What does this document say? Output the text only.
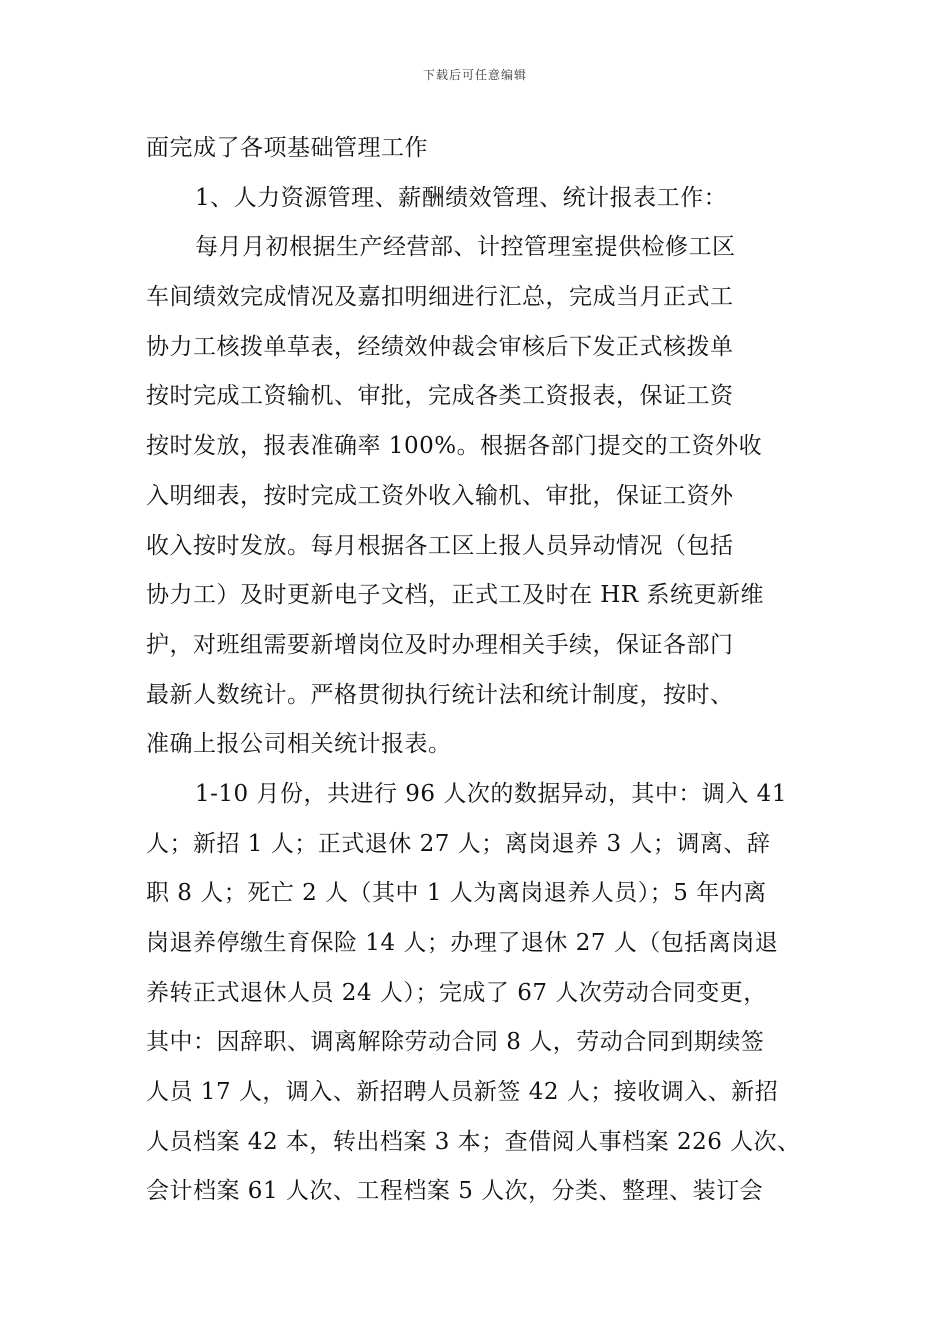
下载后可任意编辑
面完成了各项基础管理工作
1、人力资源管理、薪酬绩效管理、统计报表工作：
每月月初根据生产经营部、计控管理室提供检修工区
车间绩效完成情况及嘉扣明细进行汇总，完成当月正式工
协力工核拨单草表，经绩效仲裁会审核后下发正式核拨单
按时完成工资输机、审批，完成各类工资报表，保证工资
按时发放，报表准确率 100%。根据各部门提交的工资外收
入明细表，按时完成工资外收入输机、审批，保证工资外
收入按时发放。每月根据各工区上报人员异动情况（包括
协力工）及时更新电子文档，正式工及时在 HR 系统更新维
护，对班组需要新增岗位及时办理相关手续，保证各部门
最新人数统计。严格贯彻执行统计法和统计制度，按时、
准确上报公司相关统计报表。
1-10 月份，共进行 96 人次的数据异动，其中：调入 41
人；新招 1 人；正式退休 27 人；离岗退养 3 人；调离、辞
职 8 人；死亡 2 人（其中 1 人为离岗退养人员）；5 年内离
岗退养停缴生育保险 14 人；办理了退休 27 人（包括离岗退
养转正式退休人员 24 人）；完成了 67 人次劳动合同变更，
其中：因辞职、调离解除劳动合同 8 人，劳动合同到期续签
人员 17 人，调入、新招聘人员新签 42 人；接收调入、新招
人员档案 42 本，转出档案 3 本；查借阅人事档案 226 人次、
会计档案 61 人次、工程档案 5 人次，分类、整理、装订会
